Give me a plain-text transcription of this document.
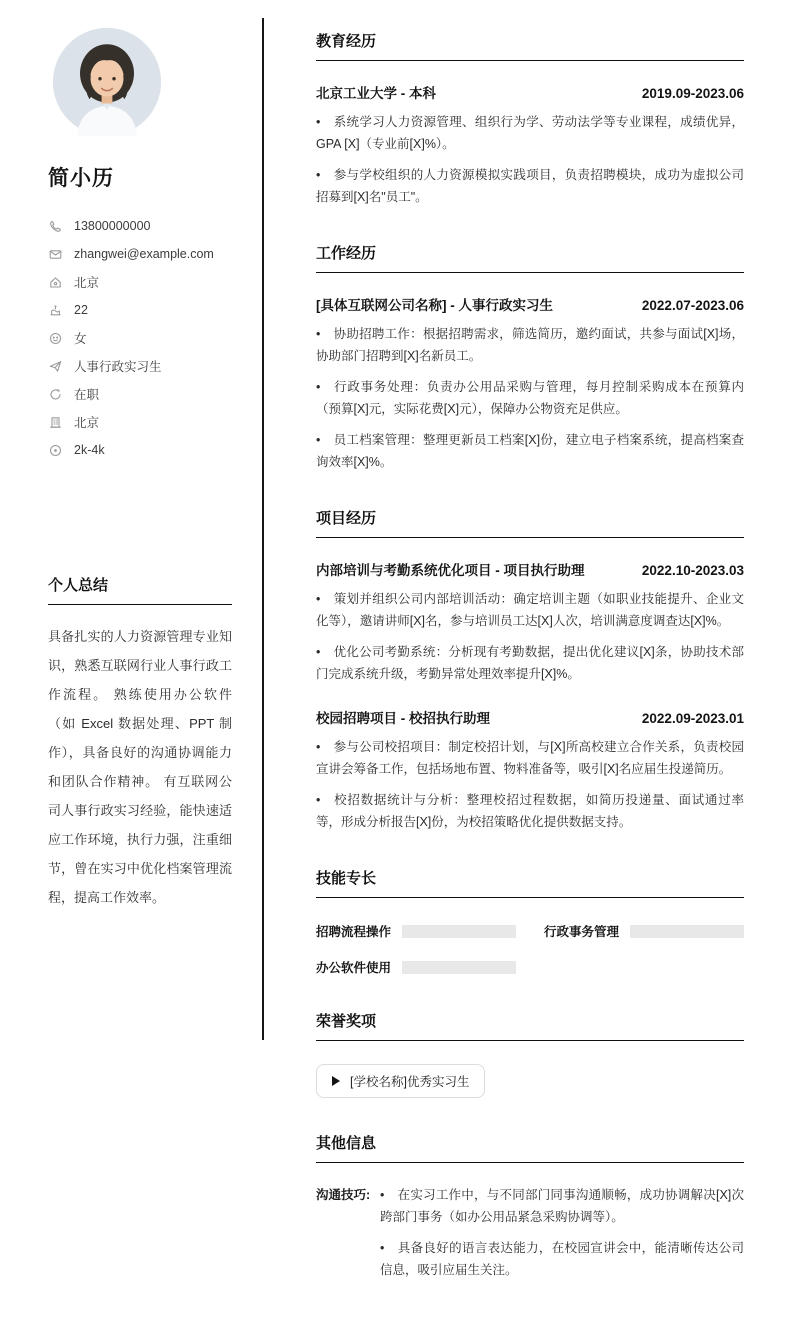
简小历
13800000000
zhangwei@example.com
北京
22
女
人事行政实习生
在职
北京
2k-4k
个人总结
具备扎实的人力资源管理专业知识，熟悉互联网行业人事行政工作流程。 熟练使用办公软件（如 Excel 数据处理、PPT 制作），具备良好的沟通协调能力和团队合作精神。 有互联网公司人事行政实习经验，能快速适应工作环境，执行力强，注重细节，曾在实习中优化档案管理流程，提高工作效率。
教育经历
北京工业大学 - 本科	2019.09-2023.06

• 系统学习人力资源管理、组织行为学、劳动法学等专业课程，成绩优异，GPA [X]（专业前[X]%）。

• 参与学校组织的人力资源模拟实践项目，负责招聘模块，成功为虚拟公司招募到[X]名"员工"。

工作经历
[具体互联网公司名称] - 人事行政实习生	2022.07-2023.06

• 协助招聘工作：根据招聘需求，筛选简历，邀约面试，共参与面试[X]场，协助部门招聘到[X]名新员工。

• 行政事务处理：负责办公用品采购与管理，每月控制采购成本在预算内（预算[X]元，实际花费[X]元），保障办公物资充足供应。

• 员工档案管理：整理更新员工档案[X]份，建立电子档案系统，提高档案查询效率[X]%。

项目经历
内部培训与考勤系统优化项目 - 项目执行助理	2022.10-2023.03

• 策划并组织公司内部培训活动：确定培训主题（如职业技能提升、企业文化等），邀请讲师[X]名，参与培训员工达[X]人次，培训满意度调查达[X]%。

• 优化公司考勤系统：分析现有考勤数据，提出优化建议[X]条，协助技术部门完成系统升级，考勤异常处理效率提升[X]%。

校园招聘项目 - 校招执行助理	2022.09-2023.01

• 参与公司校招项目：制定校招计划，与[X]所高校建立合作关系，负责校园宣讲会筹备工作，包括场地布置、物料准备等，吸引[X]名应届生投递简历。

• 校招数据统计与分析：整理校招过程数据，如简历投递量、面试通过率等，形成分析报告[X]份，为校招策略优化提供数据支持。

技能专长
招聘流程操作	行政事务管理
办公软件使用
荣誉奖项
[学校名称]优秀实习生
其他信息
沟通技巧: • 在实习工作中，与不同部门同事沟通顺畅，成功协调解决[X]次跨部门事务（如办公用品紧急采购协调等）。

• 具备良好的语言表达能力，在校园宣讲会中，能清晰传达公司信息，吸引应届生关注。
